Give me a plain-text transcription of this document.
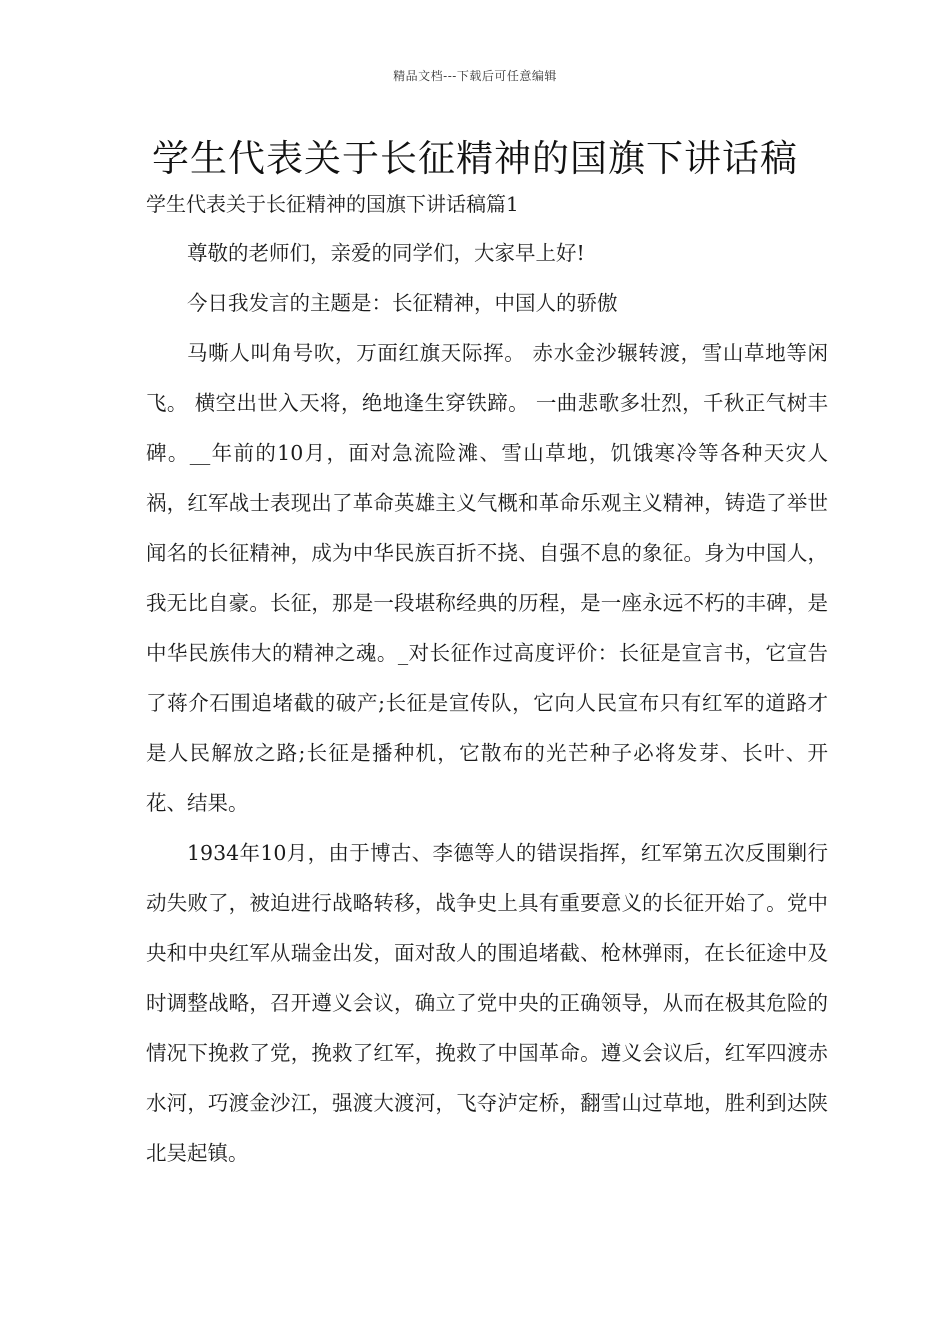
精品文档---下载后可任意编辑
学生代表关于长征精神的国旗下讲话稿
学生代表关于长征精神的国旗下讲话稿篇1

尊敬的老师们，亲爱的同学们，大家早上好!

今日我发言的主题是：长征精神，中国人的骄傲

马嘶人叫角号吹，万面红旗天际挥。 赤水金沙辗转渡，雪山草地等闲飞。 横空出世入天将，绝地逢生穿铁蹄。 一曲悲歌多壮烈，千秋正气树丰碑。__年前的10月，面对急流险滩、雪山草地，饥饿寒冷等各种天灾人祸，红军战士表现出了革命英雄主义气概和革命乐观主义精神，铸造了举世闻名的长征精神，成为中华民族百折不挠、自强不息的象征。身为中国人，我无比自豪。长征，那是一段堪称经典的历程，是一座永远不朽的丰碑，是中华民族伟大的精神之魂。_对长征作过高度评价：长征是宣言书，它宣告了蒋介石围追堵截的破产;长征是宣传队，它向人民宣布只有红军的道路才是人民解放之路;长征是播种机，它散布的光芒种子必将发芽、长叶、开花、结果。

1934年10月，由于博古、李德等人的错误指挥，红军第五次反围剿行动失败了，被迫进行战略转移，战争史上具有重要意义的长征开始了。党中央和中央红军从瑞金出发，面对敌人的围追堵截、枪林弹雨，在长征途中及时调整战略，召开遵义会议，确立了党中央的正确领导，从而在极其危险的情况下挽救了党，挽救了红军，挽救了中国革命。遵义会议后，红军四渡赤水河，巧渡金沙江，强渡大渡河，飞夺泸定桥，翻雪山过草地，胜利到达陕北吴起镇。
